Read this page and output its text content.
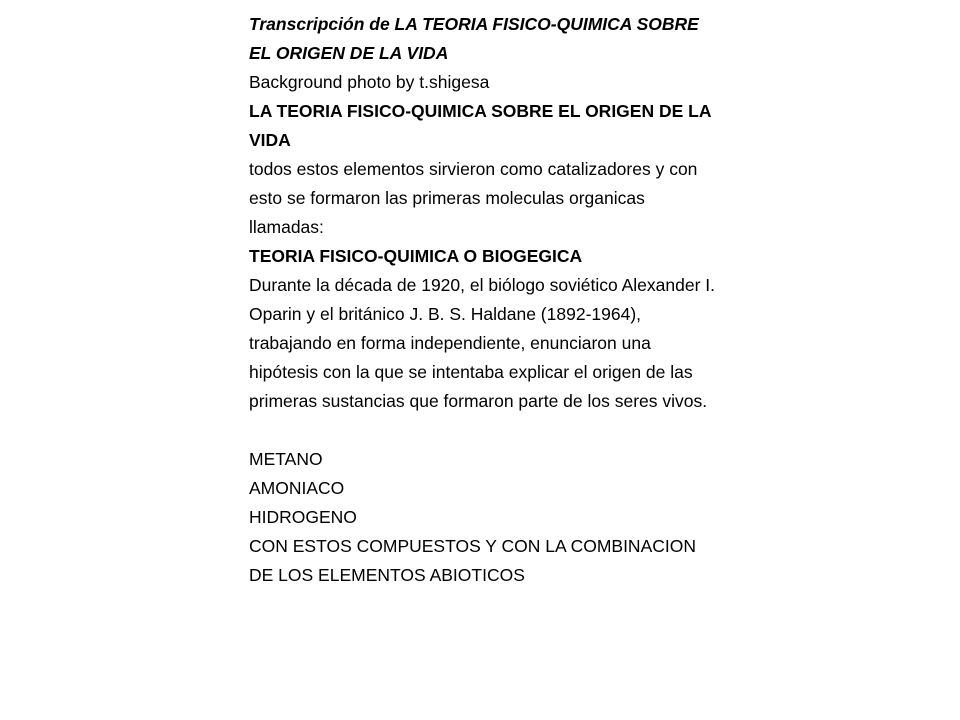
Transcripción de LA TEORIA FISICO-QUIMICA SOBRE EL ORIGEN DE LA VIDA

Background photo by t.shigesa

LA TEORIA FISICO-QUIMICA SOBRE EL ORIGEN DE LA VIDA

todos estos elementos sirvieron como catalizadores y con esto se formaron las primeras moleculas organicas llamadas:

TEORIA FISICO-QUIMICA O BIOGEGICA

Durante la década de 1920, el biólogo soviético Alexander I. Oparin y el británico J. B. S. Haldane (1892-1964), trabajando en forma independiente, enunciaron una hipótesis con la que se intentaba explicar el origen de las primeras sustancias que formaron parte de los seres vivos.

METANO

AMONIACO

HIDROGENO

CON ESTOS COMPUESTOS Y CON LA COMBINACION DE LOS ELEMENTOS ABIOTICOS
